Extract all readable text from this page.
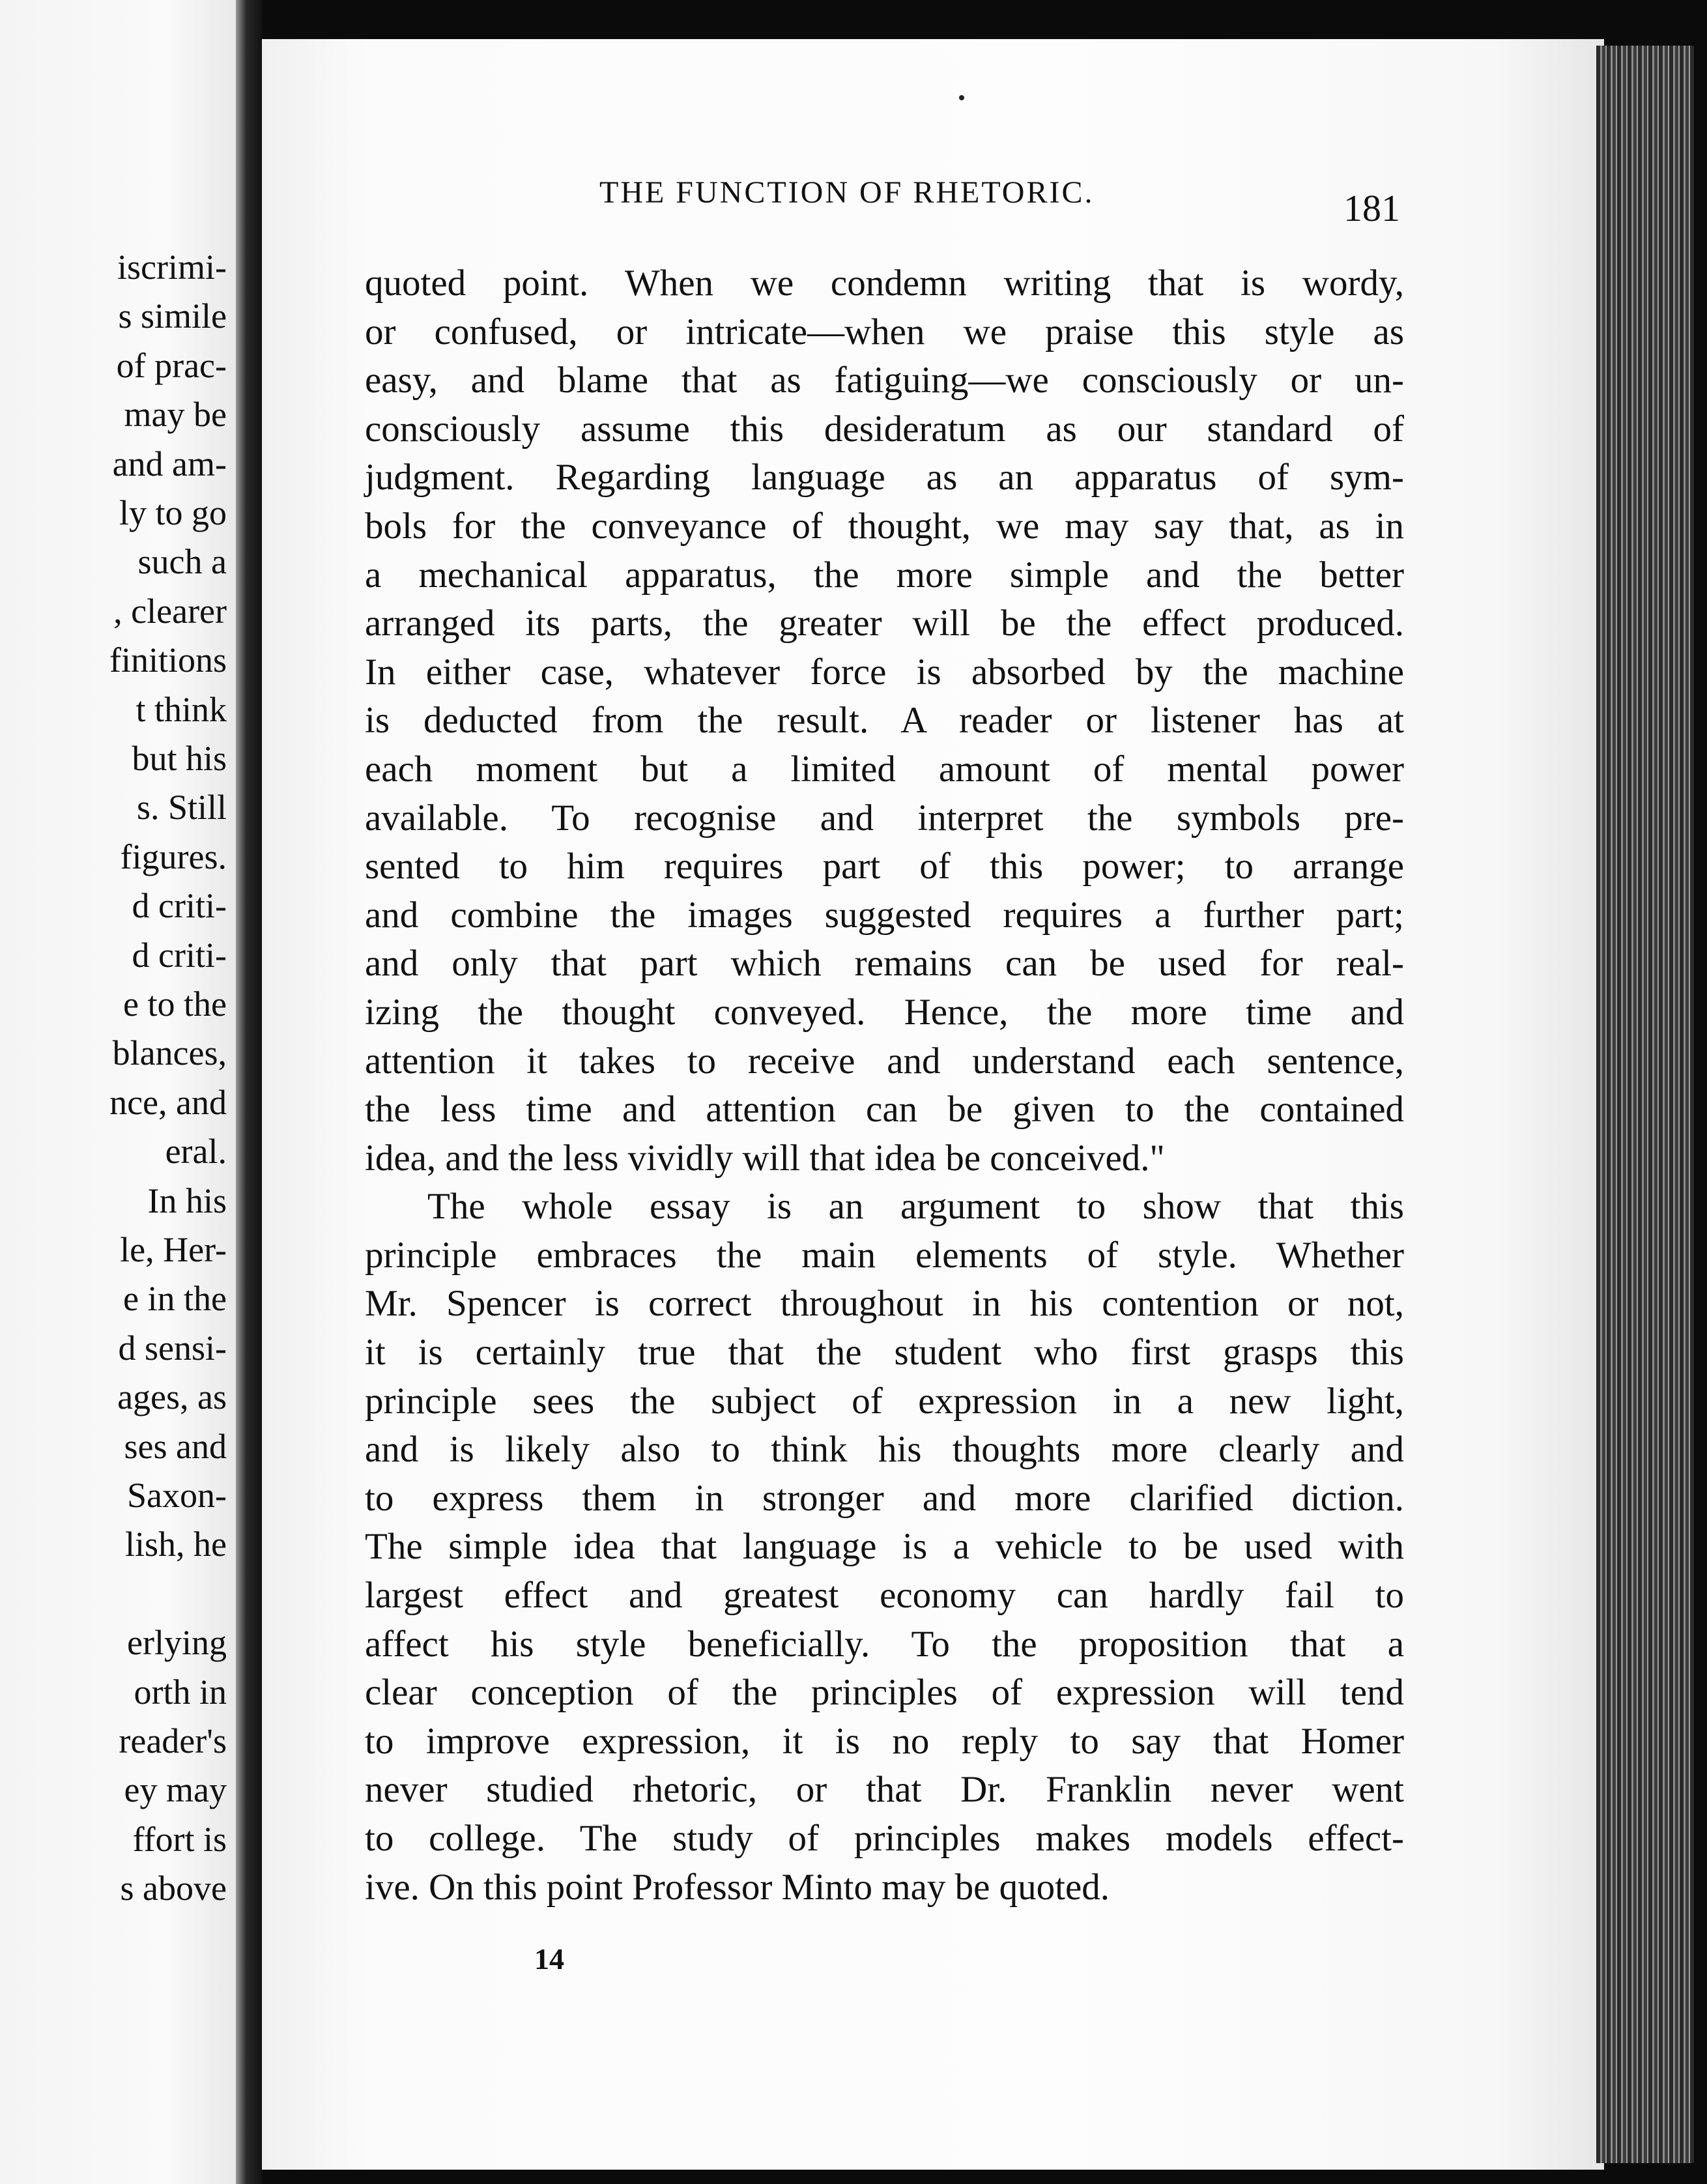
iscrimi-
s simile
of prac-
may be
and am-
ly to go
such a
, clearer
finitions
t think
but his
s. Still
figures.
d criti-
d criti-
e to the
blances,
nce, and
eral.
In his
le, Her-
e in the
d sensi-
ages, as
ses and
Saxon-
lish, he
erlying
orth in
reader's
ey may
ffort is
s above
THE FUNCTION OF RHETORIC.	181
quoted point. When we condemn writing that is wordy,
or confused, or intricate—when we praise this style as
easy, and blame that as fatiguing—we consciously or un-
consciously assume this desideratum as our standard of
judgment. Regarding language as an apparatus of sym-
bols for the conveyance of thought, we may say that, as in
a mechanical apparatus, the more simple and the better
arranged its parts, the greater will be the effect produced.
In either case, whatever force is absorbed by the machine
is deducted from the result. A reader or listener has at
each moment but a limited amount of mental power
available. To recognise and interpret the symbols pre-
sented to him requires part of this power; to arrange
and combine the images suggested requires a further part;
and only that part which remains can be used for real-
izing the thought conveyed. Hence, the more time and
attention it takes to receive and understand each sentence,
the less time and attention can be given to the contained
idea, and the less vividly will that idea be conceived."
The whole essay is an argument to show that this
principle embraces the main elements of style. Whether
Mr. Spencer is correct throughout in his contention or not,
it is certainly true that the student who first grasps this
principle sees the subject of expression in a new light,
and is likely also to think his thoughts more clearly and
to express them in stronger and more clarified diction.
The simple idea that language is a vehicle to be used with
largest effect and greatest economy can hardly fail to
affect his style beneficially. To the proposition that a
clear conception of the principles of expression will tend
to improve expression, it is no reply to say that Homer
never studied rhetoric, or that Dr. Franklin never went
to college. The study of principles makes models effect-
ive. On this point Professor Minto may be quoted.
14
